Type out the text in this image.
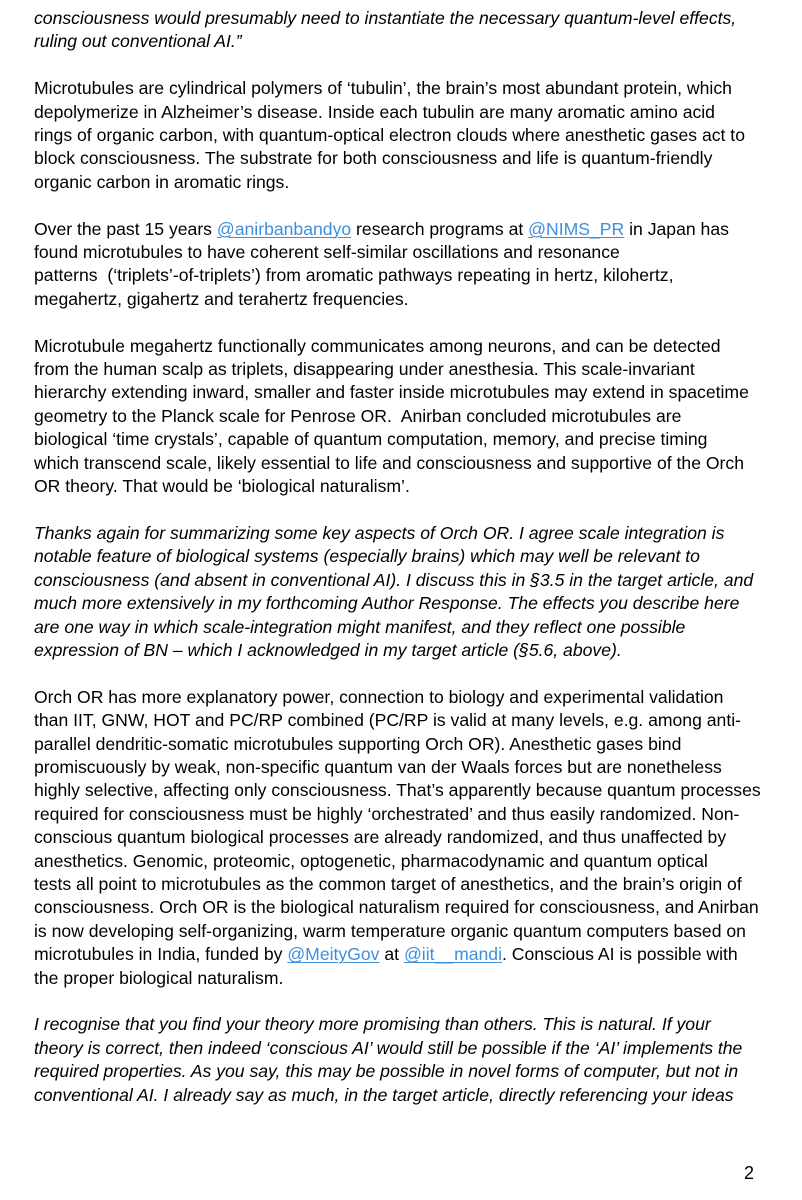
consciousness would presumably need to instantiate the necessary quantum-level effects,
ruling out conventional AI.”
Microtubules are cylindrical polymers of ‘tubulin’, the brain’s most abundant protein, which
depolymerize in Alzheimer’s disease. Inside each tubulin are many aromatic amino acid
rings of organic carbon, with quantum-optical electron clouds where anesthetic gases act to
block consciousness. The substrate for both consciousness and life is quantum-friendly
organic carbon in aromatic rings.
Over the past 15 years @anirbanbandyo research programs at @NIMS_PR in Japan has
found microtubules to have coherent self-similar oscillations and resonance
patterns  (‘triplets’-of-triplets’) from aromatic pathways repeating in hertz, kilohertz,
megahertz, gigahertz and terahertz frequencies.
Microtubule megahertz functionally communicates among neurons, and can be detected
from the human scalp as triplets, disappearing under anesthesia. This scale-invariant
hierarchy extending inward, smaller and faster inside microtubules may extend in spacetime
geometry to the Planck scale for Penrose OR.  Anirban concluded microtubules are
biological ‘time crystals’, capable of quantum computation, memory, and precise timing
which transcend scale, likely essential to life and consciousness and supportive of the Orch
OR theory. That would be ‘biological naturalism’.
Thanks again for summarizing some key aspects of Orch OR. I agree scale integration is
notable feature of biological systems (especially brains) which may well be relevant to
consciousness (and absent in conventional AI). I discuss this in §3.5 in the target article, and
much more extensively in my forthcoming Author Response. The effects you describe here
are one way in which scale-integration might manifest, and they reflect one possible
expression of BN – which I acknowledged in my target article (§5.6, above).
Orch OR has more explanatory power, connection to biology and experimental validation
than IIT, GNW, HOT and PC/RP combined (PC/RP is valid at many levels, e.g. among anti-
parallel dendritic-somatic microtubules supporting Orch OR). Anesthetic gases bind
promiscuously by weak, non-specific quantum van der Waals forces but are nonetheless
highly selective, affecting only consciousness. That’s apparently because quantum processes
required for consciousness must be highly ‘orchestrated’ and thus easily randomized. Non-
conscious quantum biological processes are already randomized, and thus unaffected by
anesthetics. Genomic, proteomic, optogenetic, pharmacodynamic and quantum optical
tests all point to microtubules as the common target of anesthetics, and the brain’s origin of
consciousness. Orch OR is the biological naturalism required for consciousness, and Anirban
is now developing self-organizing, warm temperature organic quantum computers based on
microtubules in India, funded by @MeityGov at @iit__mandi. Conscious AI is possible with
the proper biological naturalism.
I recognise that you find your theory more promising than others. This is natural. If your
theory is correct, then indeed ‘conscious AI’ would still be possible if the ‘AI’ implements the
required properties. As you say, this may be possible in novel forms of computer, but not in
conventional AI. I already say as much, in the target article, directly referencing your ideas
2
